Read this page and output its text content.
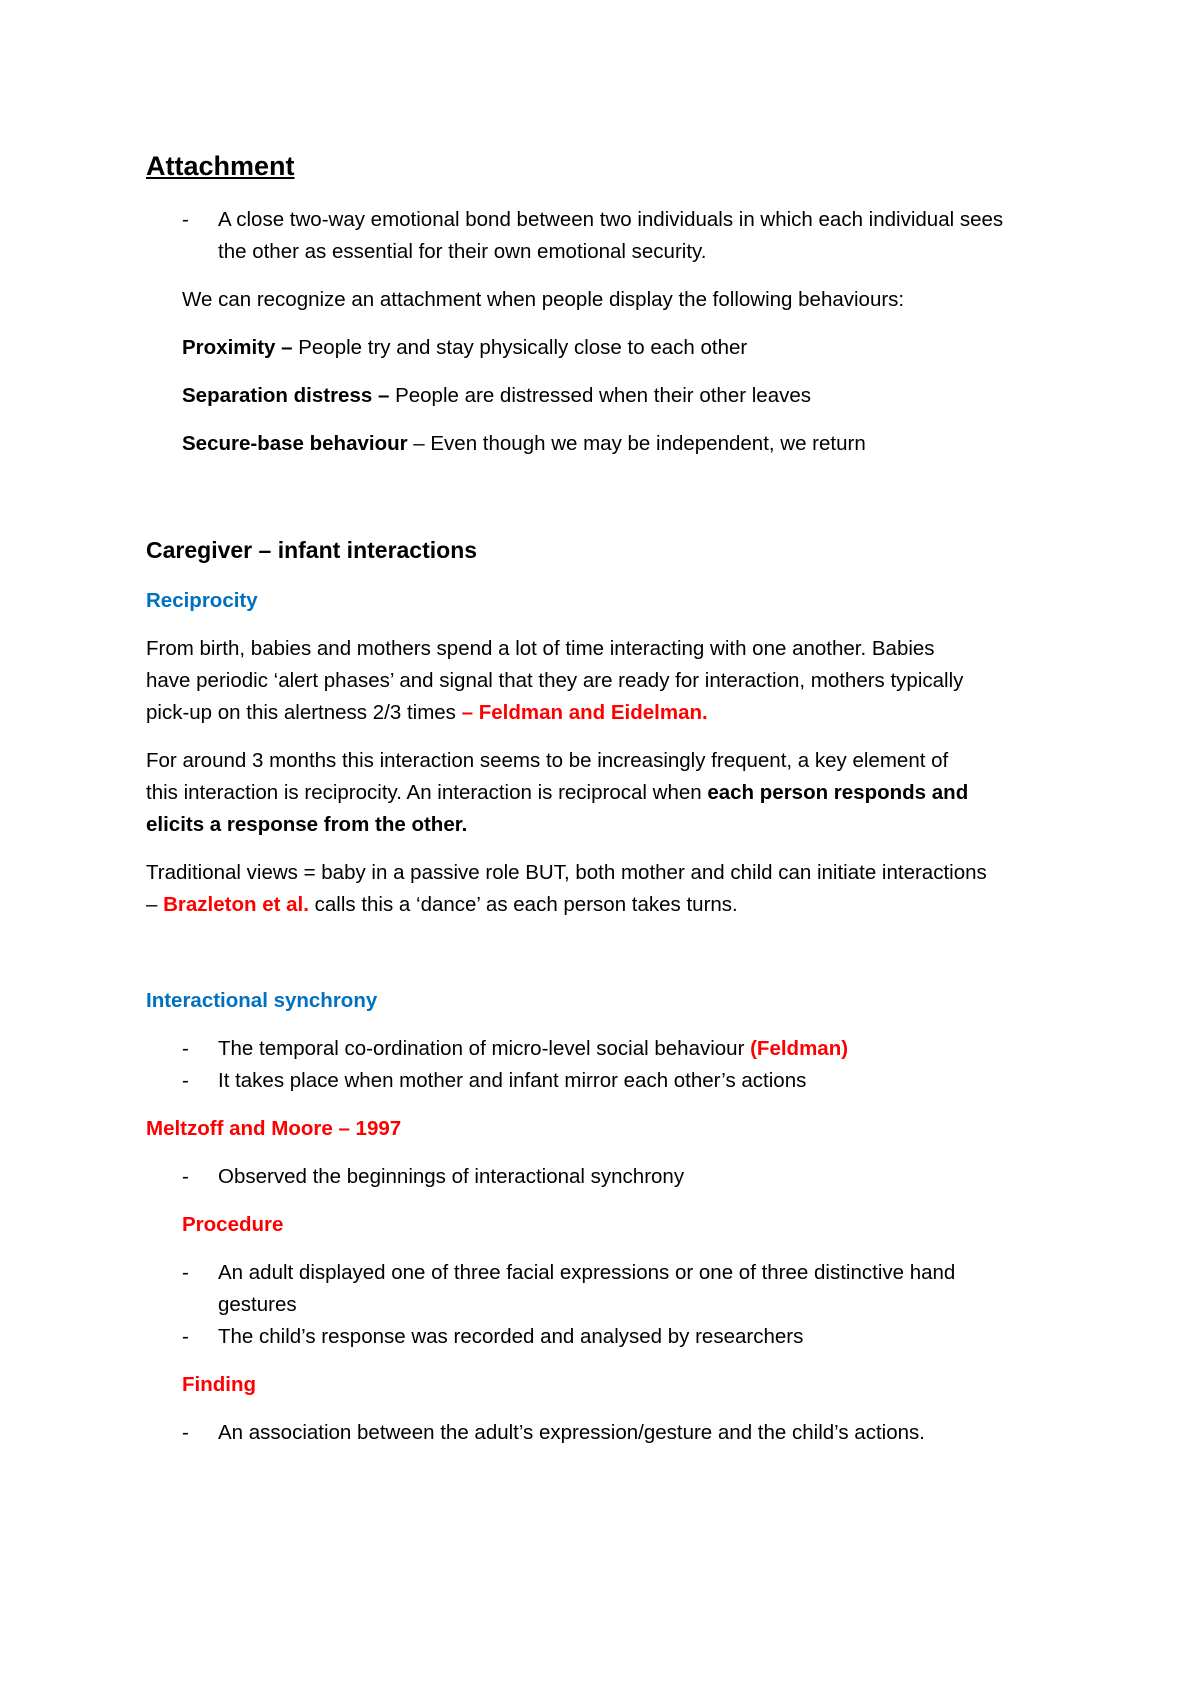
Attachment
-	A close two-way emotional bond between two individuals in which each individual sees the other as essential for their own emotional security.
We can recognize an attachment when people display the following behaviours:
Proximity – People try and stay physically close to each other
Separation distress – People are distressed when their other leaves
Secure-base behaviour – Even though we may be independent, we return
Caregiver – infant interactions
Reciprocity
From birth, babies and mothers spend a lot of time interacting with one another. Babies
have periodic ‘alert phases’ and signal that they are ready for interaction, mothers typically
pick-up on this alertness 2/3 times – Feldman and Eidelman.
For around 3 months this interaction seems to be increasingly frequent, a key element of
this interaction is reciprocity. An interaction is reciprocal when each person responds and
elicits a response from the other.
Traditional views = baby in a passive role BUT, both mother and child can initiate interactions
– Brazleton et al. calls this a ‘dance’ as each person takes turns.
Interactional synchrony
-	The temporal co-ordination of micro-level social behaviour (Feldman)
-	It takes place when mother and infant mirror each other’s actions
Meltzoff and Moore – 1997
-	Observed the beginnings of interactional synchrony
Procedure
-	An adult displayed one of three facial expressions or one of three distinctive hand gestures
-	The child’s response was recorded and analysed by researchers
Finding
-	An association between the adult’s expression/gesture and the child’s actions.
